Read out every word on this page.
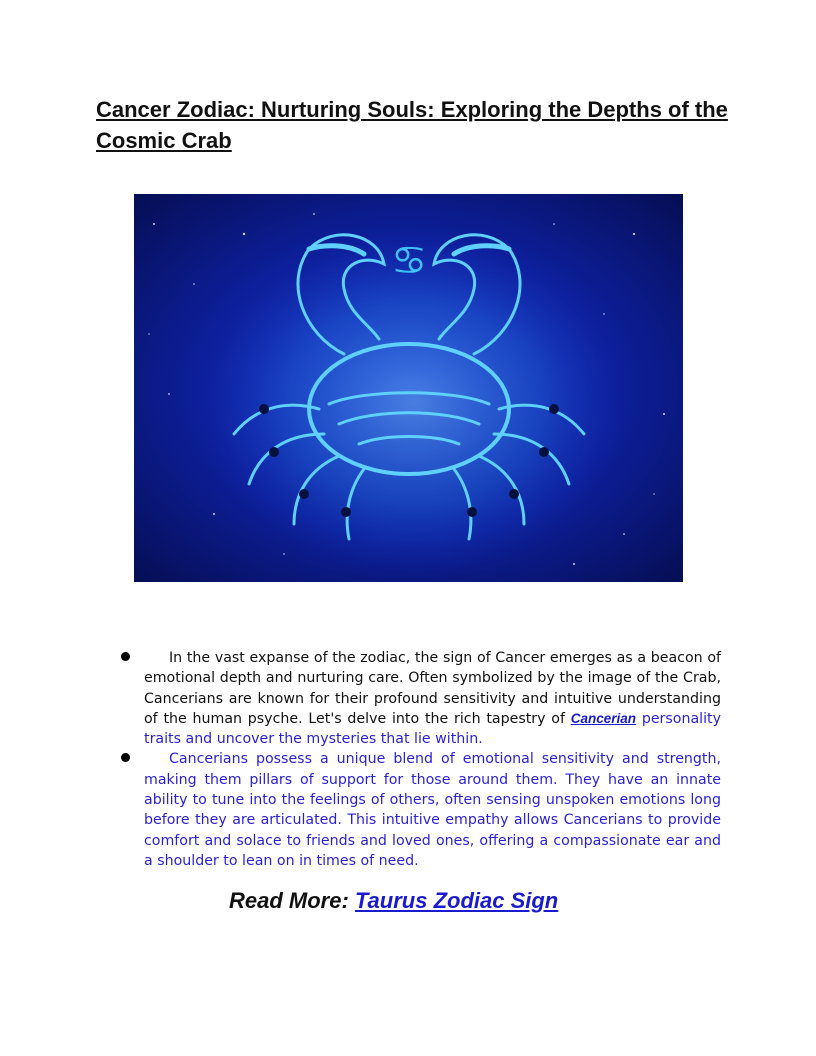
Cancer Zodiac: Nurturing Souls: Exploring the Depths of the Cosmic Crab
♋
In the vast expanse of the zodiac, the sign of Cancer emerges as a beacon of emotional depth and nurturing care. Often symbolized by the image of the Crab, Cancerians are known for their profound sensitivity and intuitive understanding of the human psyche. Let's delve into the rich tapestry of Cancerian personality traits and uncover the mysteries that lie within.
Cancerians possess a unique blend of emotional sensitivity and strength, making them pillars of support for those around them. They have an innate ability to tune into the feelings of others, often sensing unspoken emotions long before they are articulated. This intuitive empathy allows Cancerians to provide comfort and solace to friends and loved ones, offering a compassionate ear and a shoulder to lean on in times of need.
Read More: Taurus Zodiac Sign
